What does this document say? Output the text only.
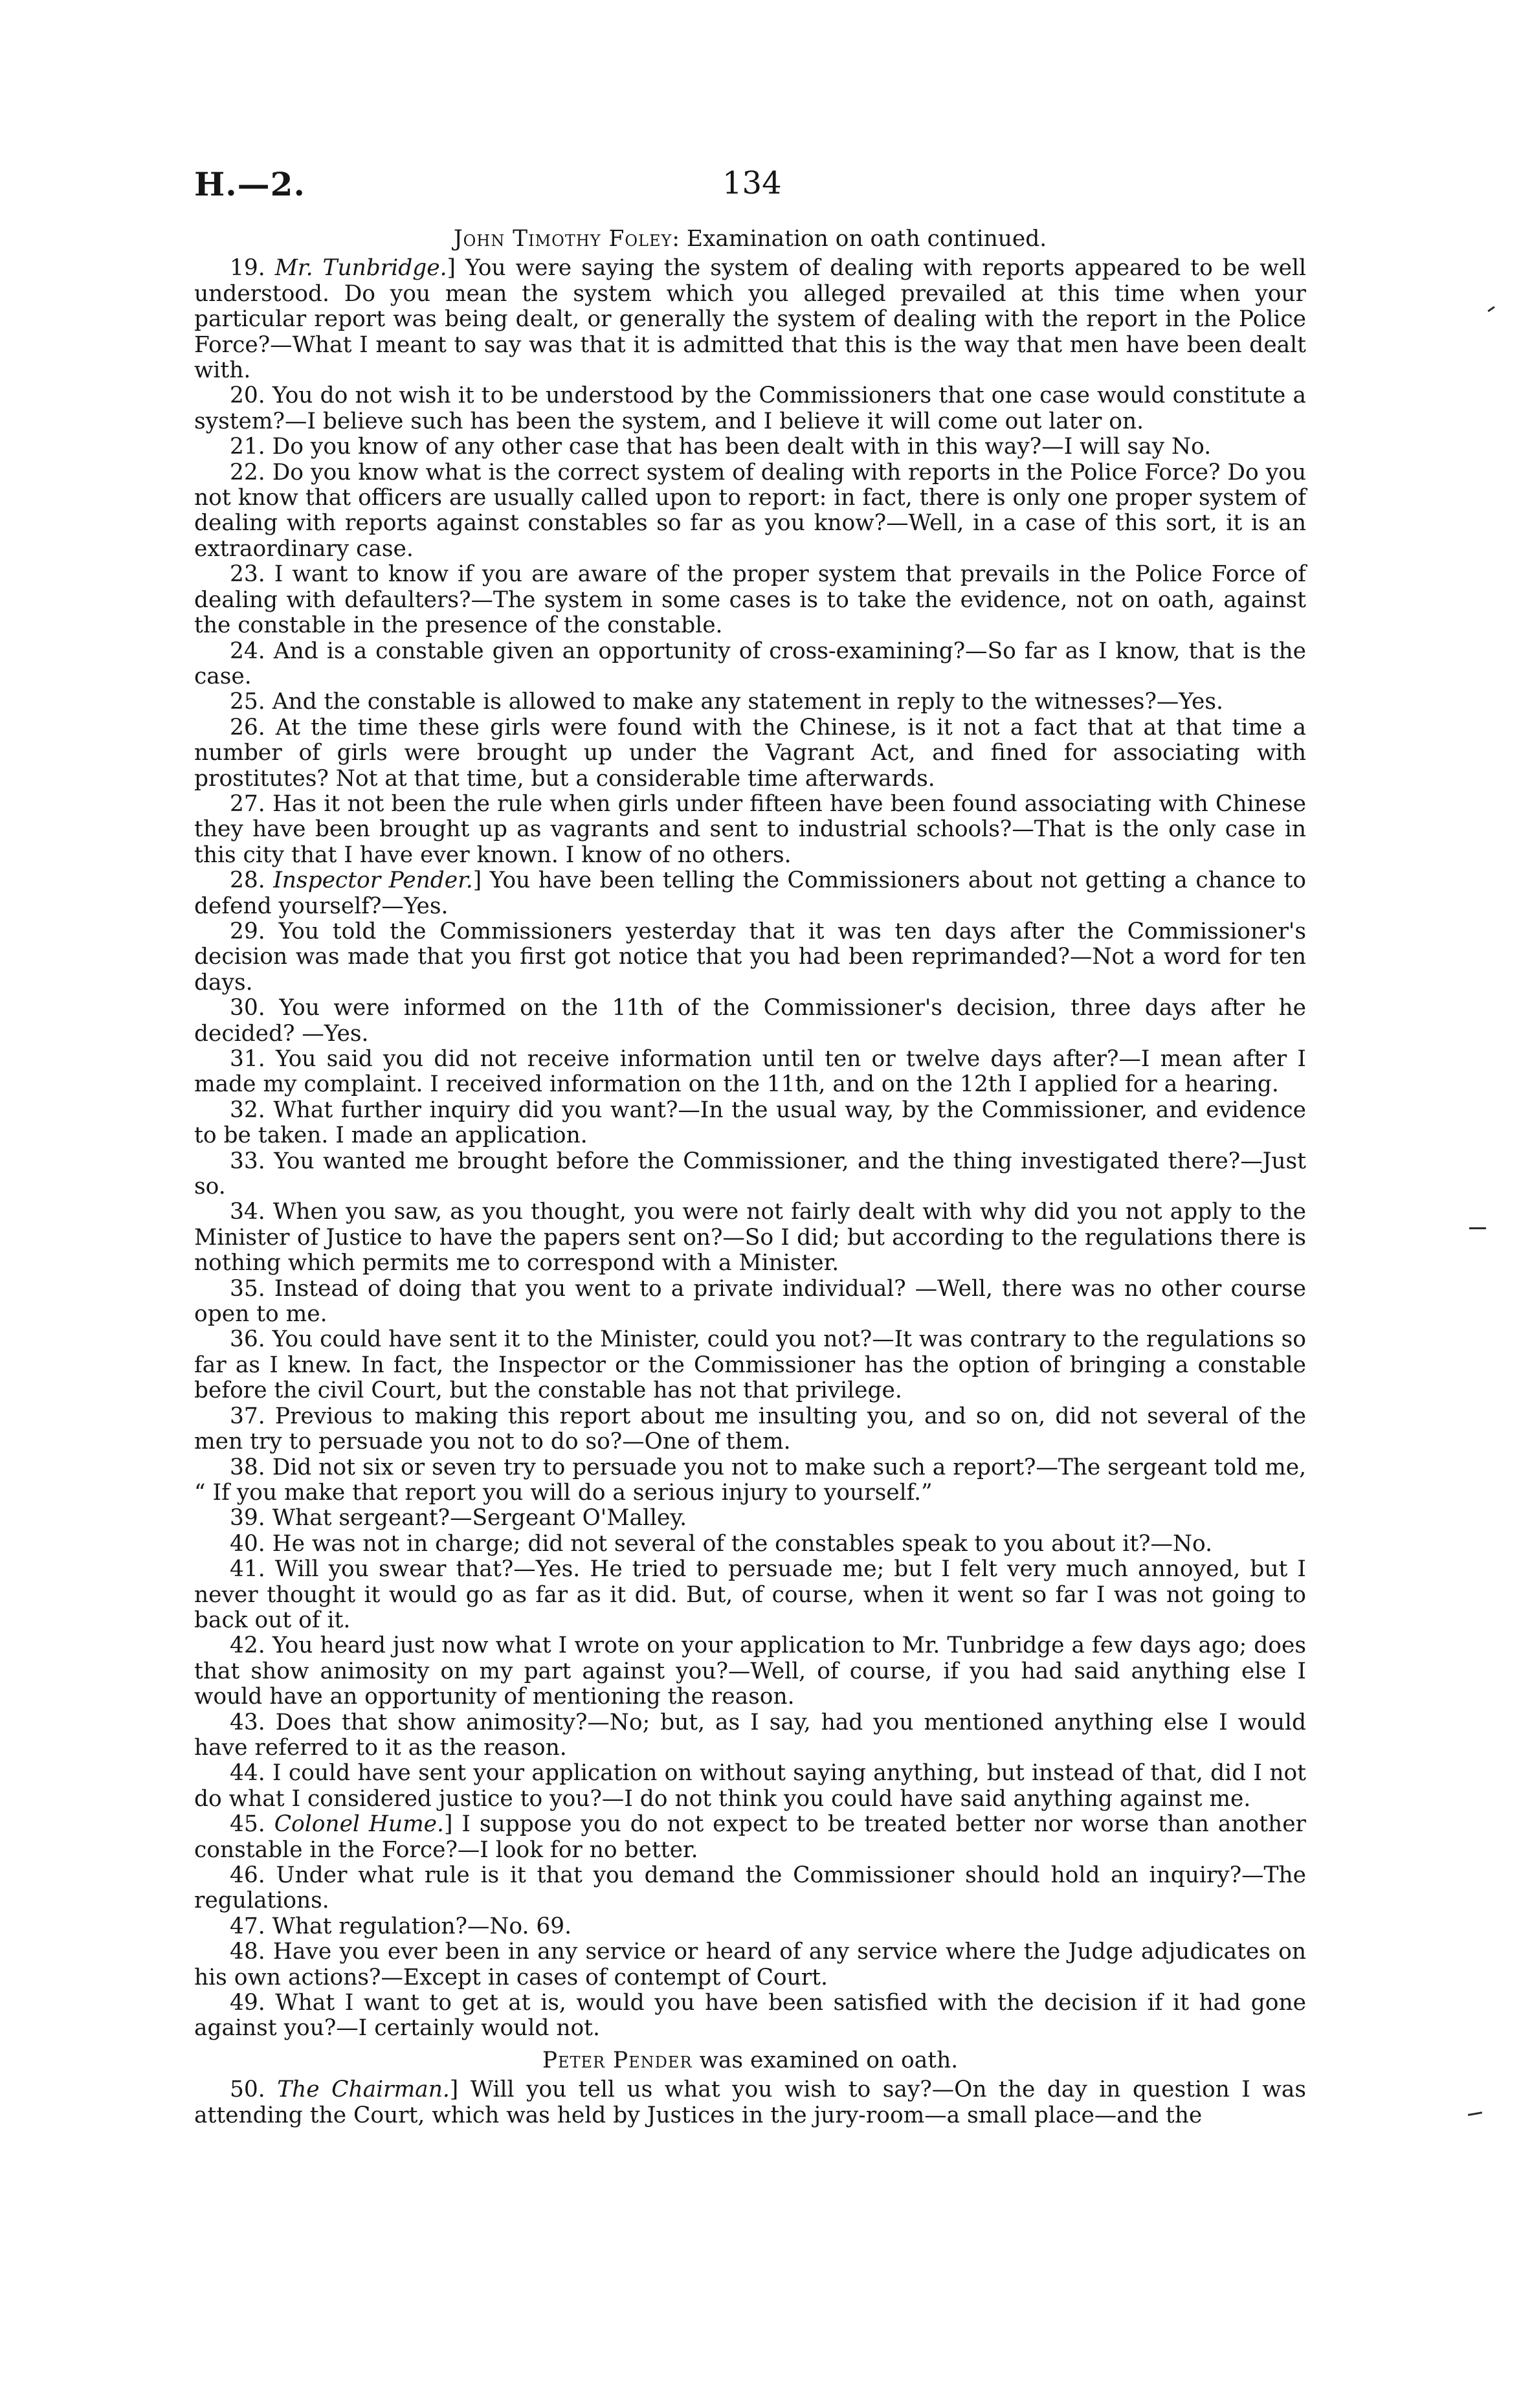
H.—2.	134

John Timothy Foley: Examination on oath continued.

19. Mr. Tunbridge.] You were saying the system of dealing with reports appeared to be well understood. Do you mean the system which you alleged prevailed at this time when your particular report was being dealt, or generally the system of dealing with the report in the Police Force?—What I meant to say was that it is admitted that this is the way that men have been dealt with.

20. You do not wish it to be understood by the Commissioners that one case would constitute a system?—I believe such has been the system, and I believe it will come out later on.

21. Do you know of any other case that has been dealt with in this way?—I will say No.

22. Do you know what is the correct system of dealing with reports in the Police Force? Do you not know that officers are usually called upon to report: in fact, there is only one proper system of dealing with reports against constables so far as you know?—Well, in a case of this sort, it is an extraordinary case.

23. I want to know if you are aware of the proper system that prevails in the Police Force of dealing with defaulters?—The system in some cases is to take the evidence, not on oath, against the constable in the presence of the constable.

24. And is a constable given an opportunity of cross-examining?—So far as I know, that is the case.

25. And the constable is allowed to make any statement in reply to the witnesses?—Yes.

26. At the time these girls were found with the Chinese, is it not a fact that at that time a number of girls were brought up under the Vagrant Act, and fined for associating with prostitutes? Not at that time, but a considerable time afterwards.

27. Has it not been the rule when girls under fifteen have been found associating with Chinese they have been brought up as vagrants and sent to industrial schools?—That is the only case in this city that I have ever known. I know of no others.

28. Inspector Pender.] You have been telling the Commissioners about not getting a chance to defend yourself?—Yes.

29. You told the Commissioners yesterday that it was ten days after the Commissioner's decision was made that you first got notice that you had been reprimanded?—Not a word for ten days.

30. You were informed on the 11th of the Commissioner's decision, three days after he decided? —Yes.

31. You said you did not receive information until ten or twelve days after?—I mean after I made my complaint. I received information on the 11th, and on the 12th I applied for a hearing.

32. What further inquiry did you want?—In the usual way, by the Commissioner, and evidence to be taken. I made an application.

33. You wanted me brought before the Commissioner, and the thing investigated there?—Just so.

34. When you saw, as you thought, you were not fairly dealt with why did you not apply to the Minister of Justice to have the papers sent on?—So I did; but according to the regulations there is nothing which permits me to correspond with a Minister.

35. Instead of doing that you went to a private individual? —Well, there was no other course open to me.

36. You could have sent it to the Minister, could you not?—It was contrary to the regulations so far as I knew. In fact, the Inspector or the Commissioner has the option of bringing a constable before the civil Court, but the constable has not that privilege.

37. Previous to making this report about me insulting you, and so on, did not several of the men try to persuade you not to do so?—One of them.

38. Did not six or seven try to persuade you not to make such a report?—The sergeant told me, “ If you make that report you will do a serious injury to yourself.”

39. What sergeant?—Sergeant O'Malley.

40. He was not in charge; did not several of the constables speak to you about it?—No.

41. Will you swear that?—Yes. He tried to persuade me; but I felt very much annoyed, but I never thought it would go as far as it did. But, of course, when it went so far I was not going to back out of it.

42. You heard just now what I wrote on your application to Mr. Tunbridge a few days ago; does that show animosity on my part against you?—Well, of course, if you had said anything else I would have an opportunity of mentioning the reason.

43. Does that show animosity?—No; but, as I say, had you mentioned anything else I would have referred to it as the reason.

44. I could have sent your application on without saying anything, but instead of that, did I not do what I considered justice to you?—I do not think you could have said anything against me.

45. Colonel Hume.] I suppose you do not expect to be treated better nor worse than another constable in the Force?—I look for no better.

46. Under what rule is it that you demand the Commissioner should hold an inquiry?—The regulations.

47. What regulation?—No. 69.

48. Have you ever been in any service or heard of any service where the Judge adjudicates on his own actions?—Except in cases of contempt of Court.

49. What I want to get at is, would you have been satisfied with the decision if it had gone against you?—I certainly would not.

Peter Pender was examined on oath.

50. The Chairman.] Will you tell us what you wish to say?—On the day in question I was attending the Court, which was held by Justices in the jury-room—a small place—and the
